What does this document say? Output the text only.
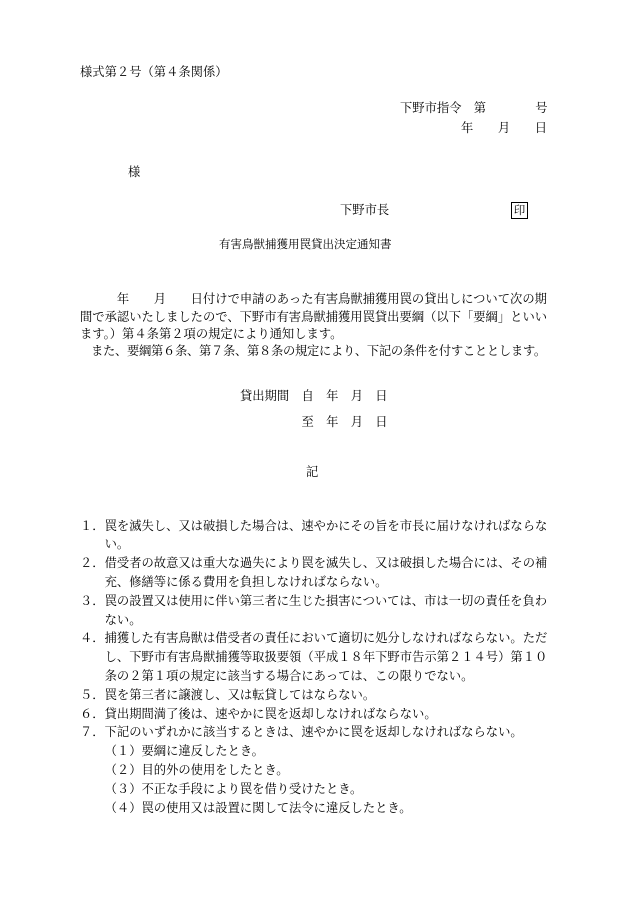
様式第２号（第４条関係）
下野市指令　第　　　　号
年　　月　　日
様
下野市長	印
有害鳥獣捕獲用罠貸出決定通知書
年　　月　　日付けで申請のあった有害鳥獣捕獲用罠の貸出しについて次の期
間で承認いたしましたので、下野市有害鳥獣捕獲用罠貸出要綱（以下「要綱」といい
ます。）第４条第２項の規定により通知します。
また、要綱第６条、第７条、第８条の規定により、下記の条件を付すこととします。
貸出期間 自　年　月　日
至　年　月　日
記
１． 罠を滅失し、又は破損した場合は、速やかにその旨を市長に届けなければならな
い。
２． 借受者の故意又は重大な過失により罠を滅失し、又は破損した場合には、その補
充、修繕等に係る費用を負担しなければならない。
３． 罠の設置又は使用に伴い第三者に生じた損害については、市は一切の責任を負わ
ない。
４． 捕獲した有害鳥獣は借受者の責任において適切に処分しなければならない。ただ
し、下野市有害鳥獣捕獲等取扱要領（平成１８年下野市告示第２１４号）第１０
条の２第１項の規定に該当する場合にあっては、この限りでない。
５． 罠を第三者に譲渡し、又は転貸してはならない。
６． 貸出期間満了後は、速やかに罠を返却しなければならない。
７． 下記のいずれかに該当するときは、速やかに罠を返却しなければならない。
（１）要綱に違反したとき。
（２）目的外の使用をしたとき。
（３）不正な手段により罠を借り受けたとき。
（４）罠の使用又は設置に関して法令に違反したとき。
